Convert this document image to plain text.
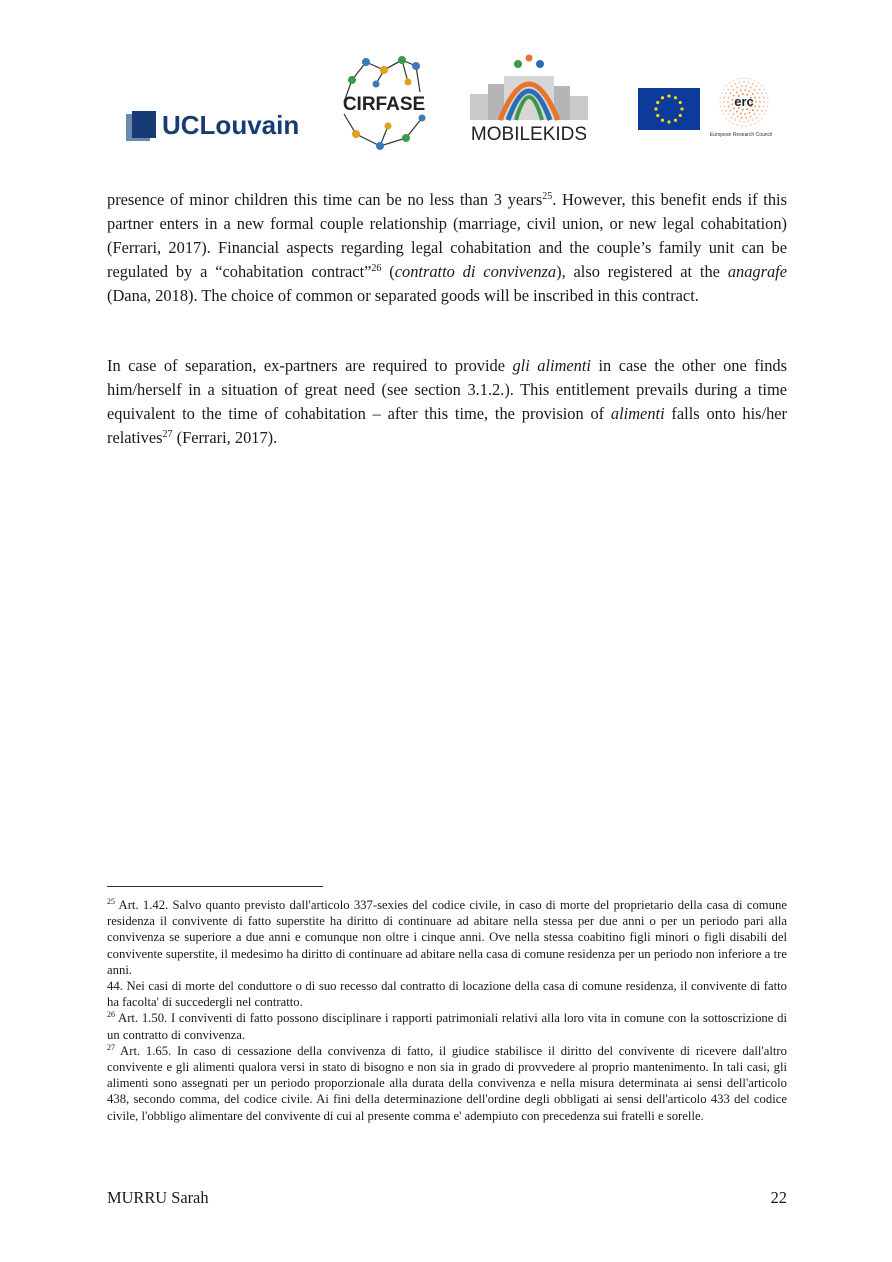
UCLouvain
CIRFASE
MOBILEKIDS
erc
European Research Council

presence of minor children this time can be no less than 3 years$^{25}$. However, this benefit ends if this partner enters in a new formal couple relationship (marriage, civil union, or new legal cohabitation) (Ferrari, 2017). Financial aspects regarding legal cohabitation and the couple’s family unit can be regulated by a “cohabitation contract”$^{26}$ (contratto di convivenza), also registered at the anagrafe (Dana, 2018). The choice of common or separated goods will be inscribed in this contract.

In case of separation, ex-partners are required to provide gli alimenti in case the other one finds him/herself in a situation of great need (see section 3.1.2.). This entitlement prevails during a time equivalent to the time of cohabitation – after this time, the provision of alimenti falls onto his/her relatives$^{27}$ (Ferrari, 2017).

$^{25}$ Art. 1.42. Salvo quanto previsto dall'articolo 337-sexies del codice civile, in caso di morte del proprietario della casa di comune residenza il convivente di fatto superstite ha diritto di continuare ad abitare nella stessa per due anni o per un periodo pari alla convivenza se superiore a due anni e comunque non oltre i cinque anni. Ove nella stessa coabitino figli minori o figli disabili del convivente superstite, il medesimo ha diritto di continuare ad abitare nella casa di comune residenza per un periodo non inferiore a tre anni.

44. Nei casi di morte del conduttore o di suo recesso dal contratto di locazione della casa di comune residenza, il convivente di fatto ha facolta' di succedergli nel contratto.

$^{26}$ Art. 1.50. I conviventi di fatto possono disciplinare i rapporti patrimoniali relativi alla loro vita in comune con la sottoscrizione di un contratto di convivenza.

$^{27}$ Art. 1.65. In caso di cessazione della convivenza di fatto, il giudice stabilisce il diritto del convivente di ricevere dall'altro convivente e gli alimenti qualora versi in stato di bisogno e non sia in grado di provvedere al proprio mantenimento. In tali casi, gli alimenti sono assegnati per un periodo proporzionale alla durata della convivenza e nella misura determinata ai sensi dell'articolo 438, secondo comma, del codice civile. Ai fini della determinazione dell'ordine degli obbligati ai sensi dell'articolo 433 del codice civile, l'obbligo alimentare del convivente di cui al presente comma e' adempiuto con precedenza sui fratelli e sorelle.

MURRU Sarah	22
